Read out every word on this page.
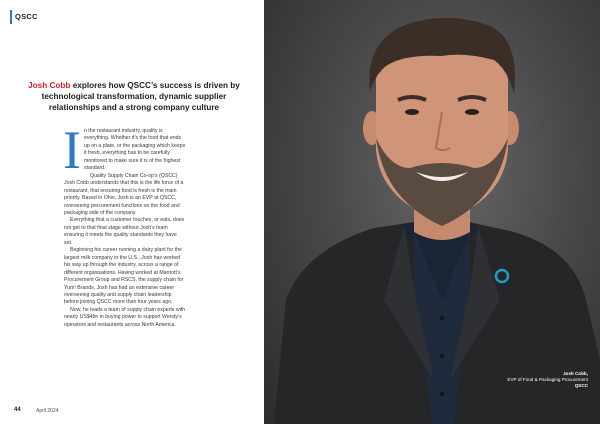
QSCC
Josh Cobb explores how QSCC’s success is driven by technological transformation, dynamic supplier relationships and a strong company culture
I n the restaurant industry, quality is everything. Whether it’s the food that ends up on a plate, or the packaging which keeps it fresh, everything has to be carefully monitored to make sure it is of the highest standard.

Quality Supply Chain Co-op’s (QSCC) Josh Cobb understands that this is the life force of a restaurant, that ensuring food is fresh is the main priority. Based in Ohio, Josh is an EVP at QSCC, overseeing procurement functions on the food and packaging side of the company.

Everything that a customer touches, or eats, does not get to that final stage without Josh’s team ensuring it meets the quality standards they have set.

Beginning his career running a dairy plant for the largest milk company in the U.S., Josh has worked his way up through the industry, across a range of different organisations. Having worked at Marriott’s Procurement Group and RSCS, the supply chain for Yum! Brands, Josh has had an extensive career overseeing quality and supply chain leadership before joining QSCC more than four years ago.

Now, he leads a team of supply chain experts with nearly US$4bn in buying power to support Wendy’s operators and restaurants across North America.

44	April 2024
Josh Cobb,
EVP of Food & Packaging Procurement
QSCC
